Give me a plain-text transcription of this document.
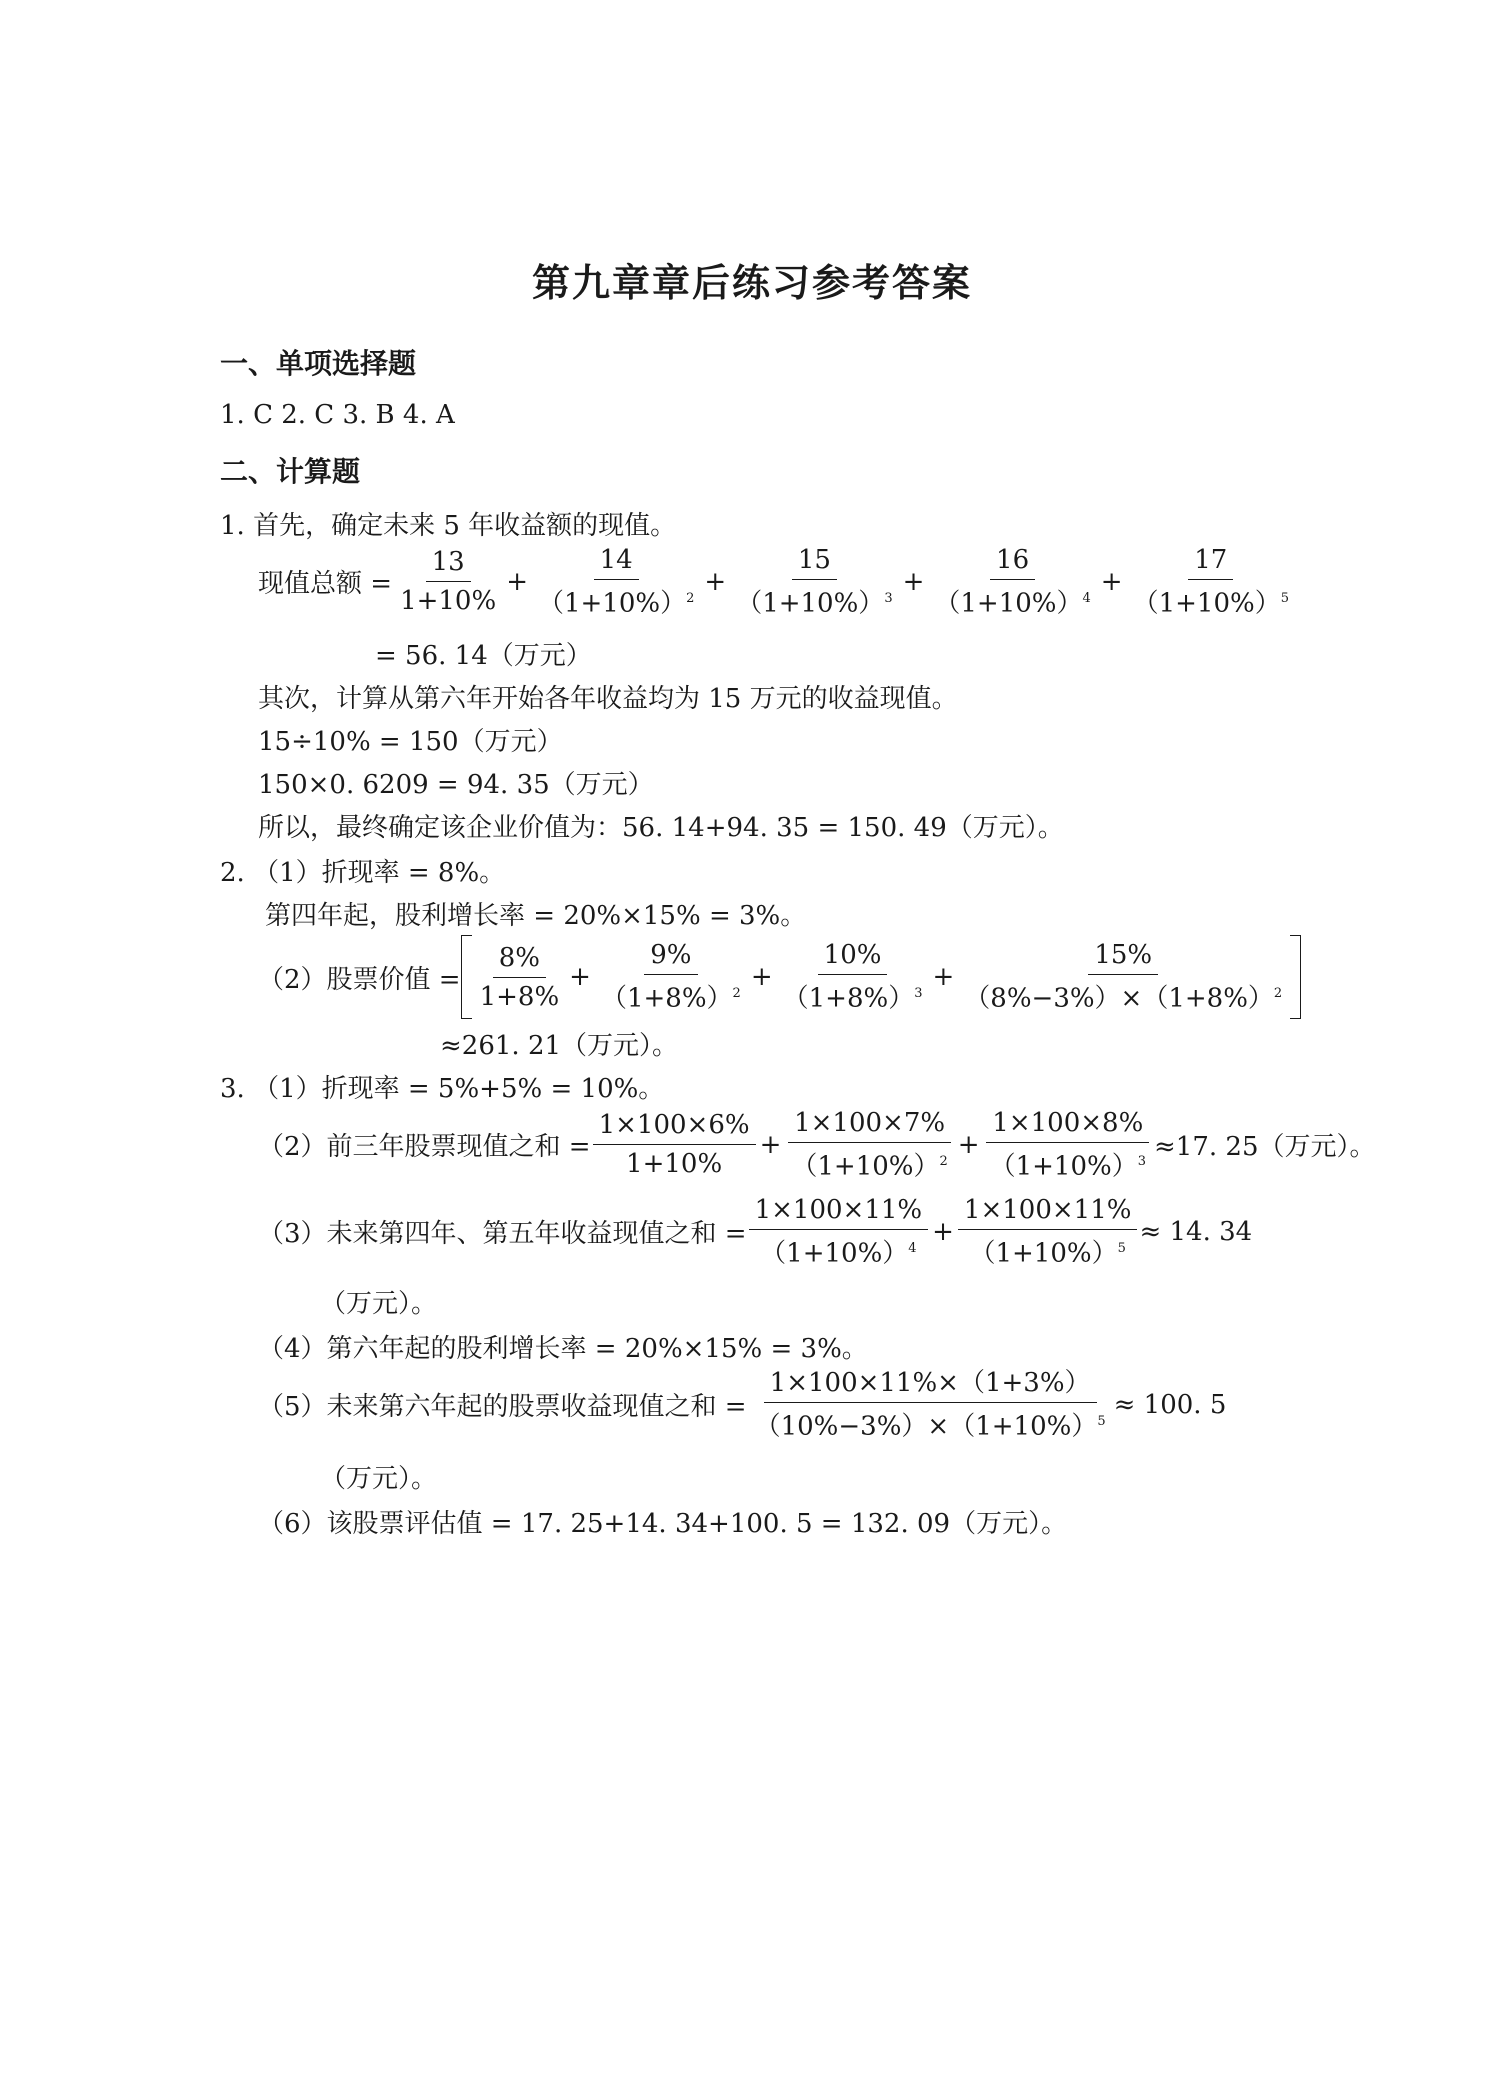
第九章章后练习参考答案
一、单项选择题
1. C 2. C 3. B 4. A
二、计算题
1. 首先，确定未来 5 年收益额的现值。
现值总额 = $\frac{13}{1+10\%} + \frac{14}{(1+10\%)^2} + \frac{15}{(1+10\%)^3} + \frac{16}{(1+10\%)^4} + \frac{17}{(1+10\%)^5}$
= 56. 14（万元）
其次，计算从第六年开始各年收益均为 15 万元的收益现值。
15÷10% = 150（万元）
150×0. 6209 = 94. 35（万元）
所以，最终确定该企业价值为：56. 14+94. 35 = 150. 49（万元）。
2. （1）折现率 = 8%。
第四年起，股利增长率 = 20%×15% = 3%。
（2）股票价值 = $\frac{8\%}{1+8\%} + \frac{9\%}{(1+8\%)^2} + \frac{10\%}{(1+8\%)^3} + \frac{15\%}{(8\%-3\%)\times(1+8\%)^2}$
≈261. 21（万元）。
3. （1）折现率 = 5%+5% = 10%。
（2）前三年股票现值之和 = $\frac{1\times 100\times 6\%}{1+10\%} + \frac{1\times 100\times 7\%}{(1+10\%)^2} + \frac{1\times 100\times 8\%}{(1+10\%)^3} \approx 17$. 25（万元）。
（3）未来第四年、第五年收益现值之和 = $\frac{1\times 100\times 11\%}{(1+10\%)^4} + \frac{1\times 100\times 11\%}{(1+10\%)^5} \approx 14$. 34
（万元）。
（4）第六年起的股利增长率 = 20%×15% = 3%。
（5）未来第六年起的股票收益现值之和 = $\frac{1\times 100\times 11\%\times(1+3\%)}{(10\%-3\%)\times(1+10\%)^5} \approx 100$. 5
（万元）。
（6）该股票评估值 = 17. 25+14. 34+100. 5 = 132. 09（万元）。
